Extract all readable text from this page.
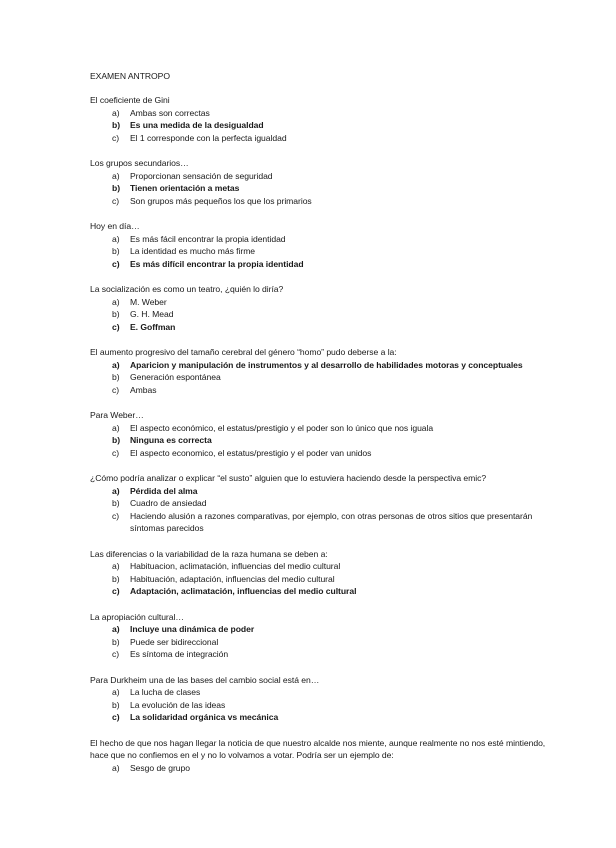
EXAMEN ANTROPO

El coeficiente de Gini

a)	Ambas son correctas
b)	Es una medida de la desigualdad
c)	El 1 corresponde con la perfecta igualdad

Los grupos secundarios…

a)	Proporcionan sensación de seguridad
b)	Tienen orientación a metas
c)	Son grupos más pequeños los que los primarios

Hoy en día…

a)	Es más fácil encontrar la propia identidad
b)	La identidad es mucho más firme
c)	Es más difícil encontrar la propia identidad

La socialización es como un teatro, ¿quién lo diría?

a)	M. Weber
b)	G. H. Mead
c)	E. Goffman

El aumento progresivo del tamaño cerebral del género “homo” pudo deberse a la:

a)	Aparicion y manipulación de instrumentos y al desarrollo de habilidades motoras y conceptuales
b)	Generación espontánea
c)	Ambas

Para Weber…

a)	El aspecto económico, el estatus/prestigio y el poder son lo único que nos iguala
b)	Ninguna es correcta
c)	El aspecto economico, el estatus/prestigio y el poder van unidos

¿Cómo podría analizar o explicar “el susto” alguien que lo estuviera haciendo desde la perspectiva emic?

a)	Pérdida del alma
b)	Cuadro de ansiedad
c)	Haciendo alusión a razones comparativas, por ejemplo, con otras personas de otros sitios que presentarán síntomas parecidos

Las diferencias o la variabilidad de la raza humana se deben a:

a)	Habituacion, aclimatación, influencias del medio cultural
b)	Habituación, adaptación, influencias del medio cultural
c)	Adaptación, aclimatación, influencias del medio cultural

La apropiación cultural…

a)	Incluye una dinámica de poder
b)	Puede ser bidireccional
c)	Es síntoma de integración

Para Durkheim una de las bases del cambio social está en…

a)	La lucha de clases
b)	La evolución de las ideas
c)	La solidaridad orgánica vs mecánica

El hecho de que nos hagan llegar la noticia de que nuestro alcalde nos miente, aunque realmente no nos esté mintiendo, hace que no confiemos en el y no lo volvamos a votar. Podría ser un ejemplo de:

a)	Sesgo de grupo
